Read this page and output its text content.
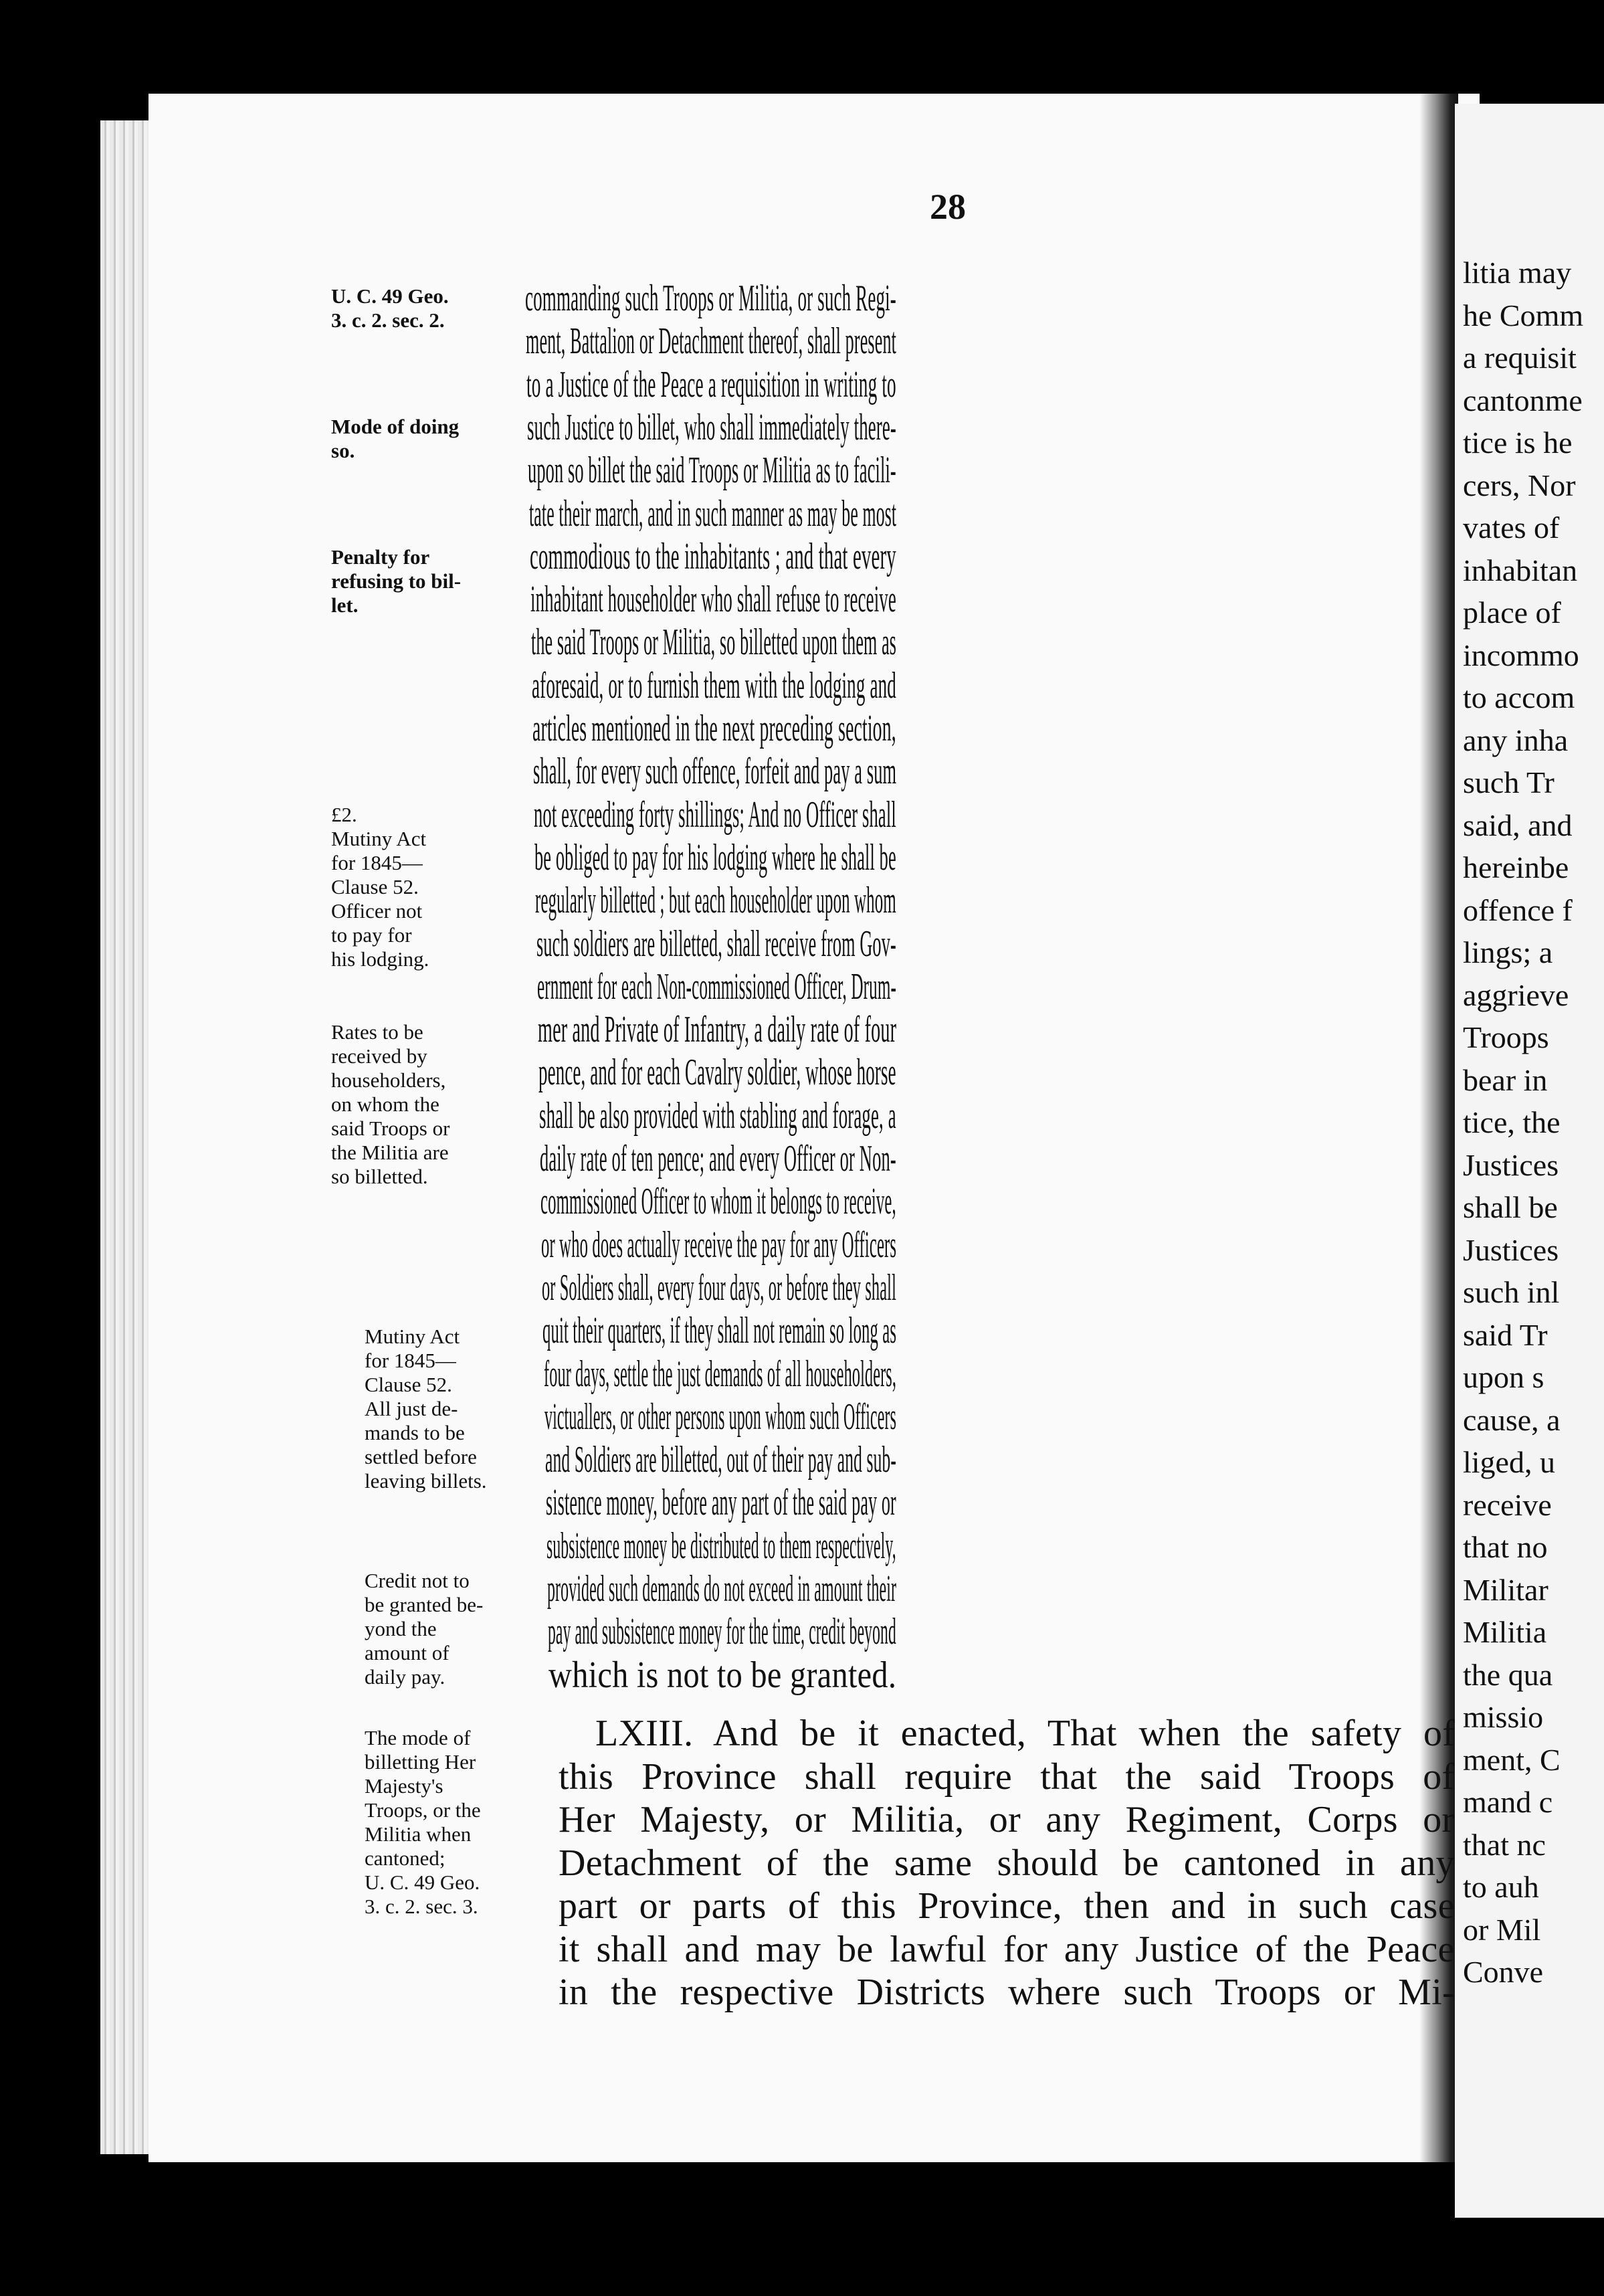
litia may
he Comm
a requisit
cantonme
tice is he
cers, Nor
vates of
inhabitan
place of
incommo
to accom
any inha
such Tr
said, and
hereinbe
offence f
lings; a
aggrieve
Troops
bear in
tice, the
Justices
shall be
Justices
such inl
said Tr
upon s
cause, a
liged, u
receive
that no
Militar
Militia
the qua
missio
ment, C
mand c
that nc
to auh
or Mil
Conve
28
commanding such Troops or Militia, or such Regi-
ment, Battalion or Detachment thereof, shall present
to a Justice of the Peace a requisition in writing to
such Justice to billet, who shall immediately there-
upon so billet the said Troops or Militia as to facili-
tate their march, and in such manner as may be most
commodious to the inhabitants ; and that every
inhabitant householder who shall refuse to receive
the said Troops or Militia, so billetted upon them as
aforesaid, or to furnish them with the lodging and
articles mentioned in the next preceding section,
shall, for every such offence, forfeit and pay a sum
not exceeding forty shillings; And no Officer shall
be obliged to pay for his lodging where he shall be
regularly billetted ; but each householder upon whom
such soldiers are billetted, shall receive from Gov-
ernment for each Non-commissioned Officer, Drum-
mer and Private of Infantry, a daily rate of four
pence, and for each Cavalry soldier, whose horse
shall be also provided with stabling and forage, a
daily rate of ten pence; and every Officer or Non-
commissioned Officer to whom it belongs to receive,
or who does actually receive the pay for any Officers
or Soldiers shall, every four days, or before they shall
quit their quarters, if they shall not remain so long as
four days, settle the just demands of all householders,
victuallers, or other persons upon whom such Officers
and Soldiers are billetted, out of their pay and sub-
sistence money, before any part of the said pay or
subsistence money be distributed to them respectively,
provided such demands do not exceed in amount their
pay and subsistence money for the time, credit beyond
which is not to be granted.
LXIII. And be it enacted, That when the safety of
this Province shall require that the said Troops of
Her Majesty, or Militia, or any Regiment, Corps or
Detachment of the same should be cantoned in any
part or parts of this Province, then and in such case
it shall and may be lawful for any Justice of the Peace
in the respective Districts where such Troops or Mi-
U. C. 49 Geo.
3. c. 2. sec. 2.
Mode of doing
so.
Penalty for
refusing to bil-
let.
£2.
Mutiny Act
for 1845—
Clause 52.
Officer not
to pay for
his lodging.
Rates to be
received by
householders,
on whom the
said Troops or
the Militia are
so billetted.
Mutiny Act
for 1845—
Clause 52.
All just de-
mands to be
settled before
leaving billets.
Credit not to
be granted be-
yond the
amount of
daily pay.
The mode of
billetting Her
Majesty's
Troops, or the
Militia when
cantoned;
U. C. 49 Geo.
3. c. 2. sec. 3.
